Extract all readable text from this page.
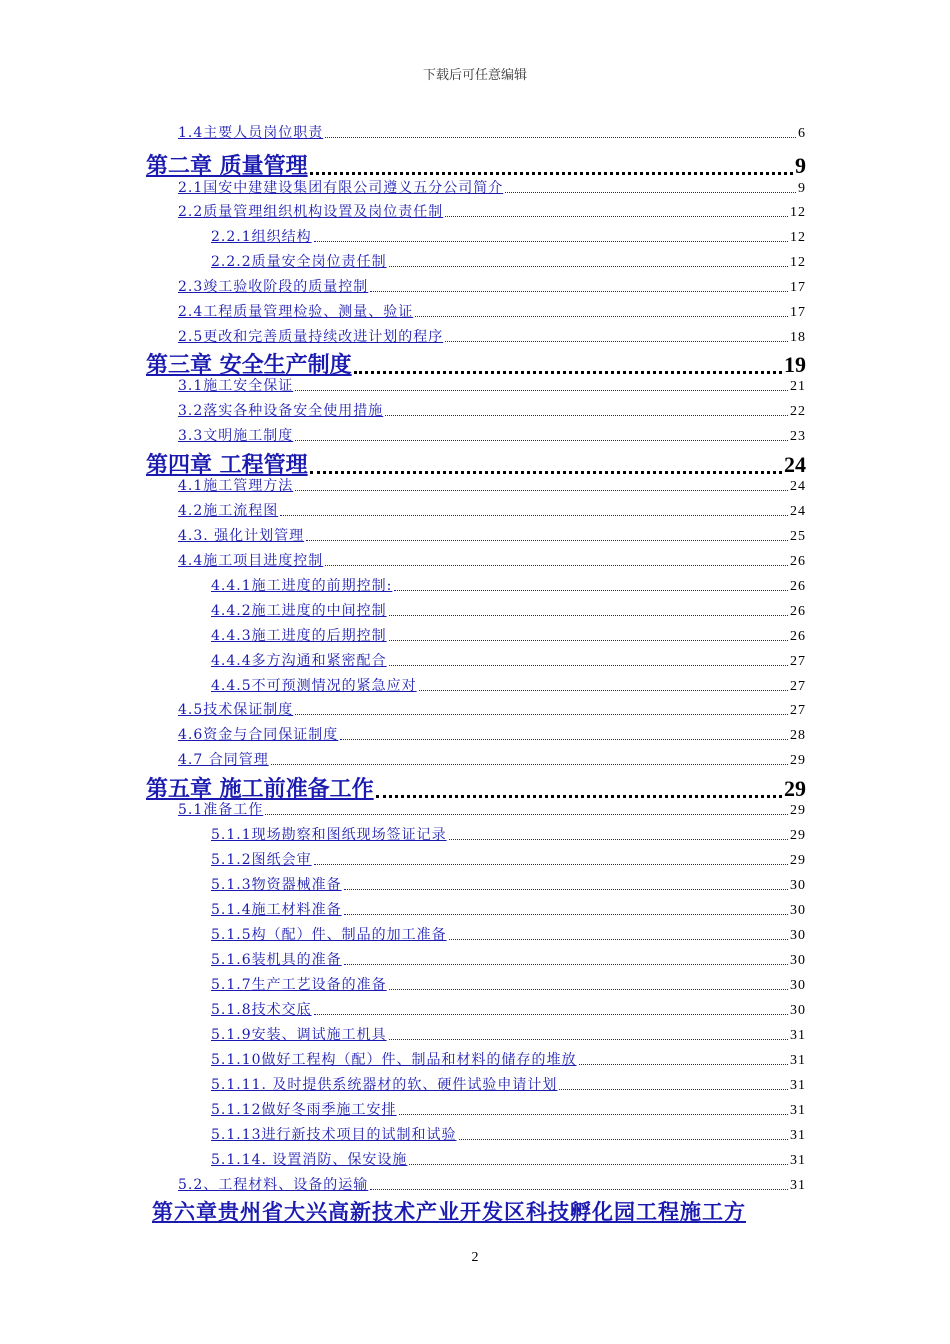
下载后可任意编辑
1.4主要人员岗位职责	6
第二章 质量管理	9
2.1国安中建建设集团有限公司遵义五分公司简介	9
2.2质量管理组织机构设置及岗位责任制	12
2.2.1组织结构	12
2.2.2质量安全岗位责任制	12
2.3竣工验收阶段的质量控制	17
2.4工程质量管理检验、测量、验证	17
2.5更改和完善质量持续改进计划的程序	18
第三章 安全生产制度	19
3.1施工安全保证	21
3.2落实各种设备安全使用措施	22
3.3文明施工制度	23
第四章 工程管理	24
4.1施工管理方法	24
4.2施工流程图	24
4.3. 强化计划管理	25
4.4施工项目进度控制	26
4.4.1施工进度的前期控制:	26
4.4.2施工进度的中间控制	26
4.4.3施工进度的后期控制	26
4.4.4多方沟通和紧密配合	27
4.4.5不可预测情况的紧急应对	27
4.5技术保证制度	27
4.6资金与合同保证制度	28
4.7 合同管理	29
第五章 施工前准备工作	29
5.1准备工作	29
5.1.1现场勘察和图纸现场签证记录	29
5.1.2图纸会审	29
5.1.3物资器械准备	30
5.1.4施工材料准备	30
5.1.5构（配）件、制品的加工准备	30
5.1.6装机具的准备	30
5.1.7生产工艺设备的准备	30
5.1.8技术交底	30
5.1.9安装、调试施工机具	31
5.1.10做好工程构（配）件、制品和材料的储存的堆放	31
5.1.11. 及时提供系统器材的软、硬件试验申请计划	31
5.1.12做好冬雨季施工安排	31
5.1.13进行新技术项目的试制和试验	31
5.1.14. 设置消防、保安设施	31
5.2、工程材料、设备的运输	31
第六章贵州省大兴高新技术产业开发区科技孵化园工程施工方
2
